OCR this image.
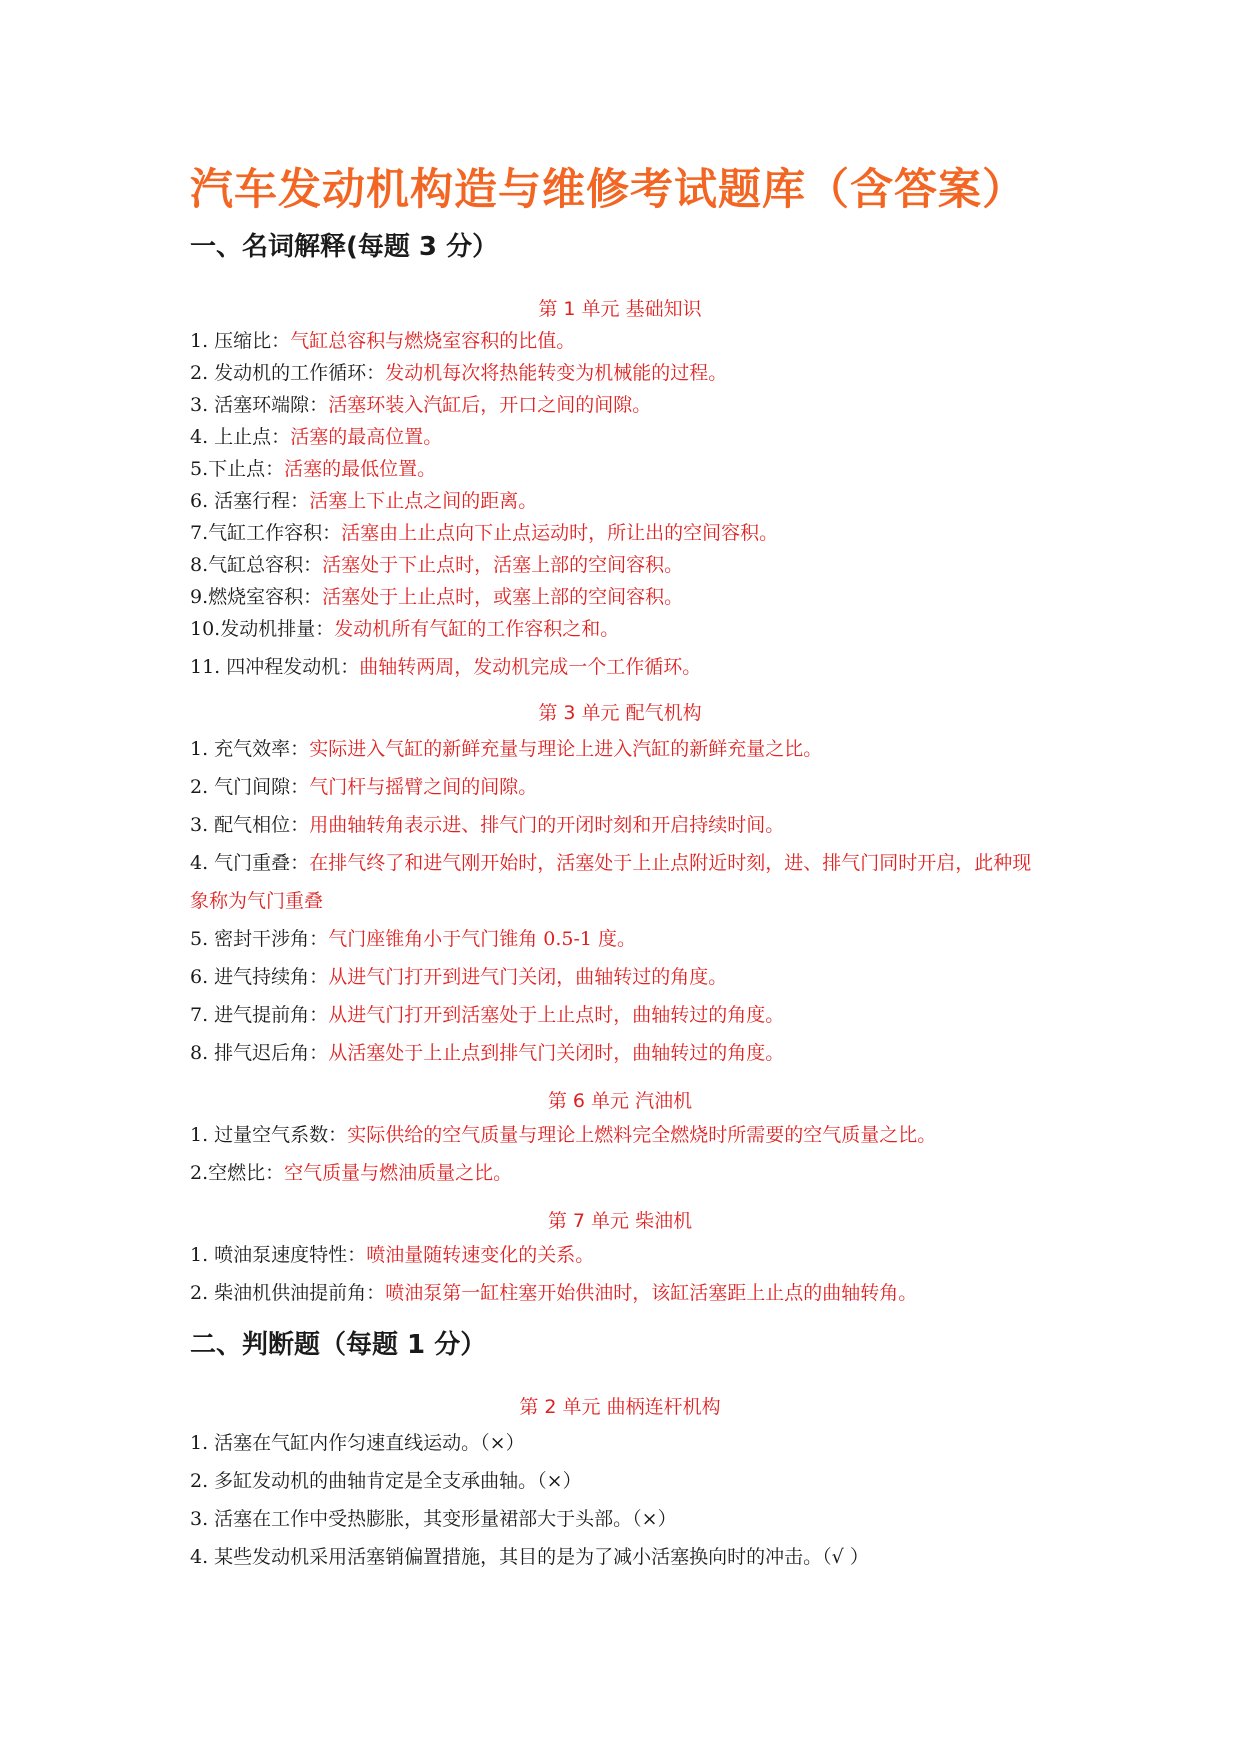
汽车发动机构造与维修考试题库（含答案）
一、名词解释(每题 3 分）
第 1 单元 基础知识
1. 压缩比：气缸总容积与燃烧室容积的比值。
2. 发动机的工作循环：发动机每次将热能转变为机械能的过程。
3. 活塞环端隙：活塞环装入汽缸后，开口之间的间隙。
4. 上止点：活塞的最高位置。
5.下止点：活塞的最低位置。
6. 活塞行程：活塞上下止点之间的距离。
7.气缸工作容积：活塞由上止点向下止点运动时，所让出的空间容积。
8.气缸总容积：活塞处于下止点时，活塞上部的空间容积。
9.燃烧室容积：活塞处于上止点时，或塞上部的空间容积。
10.发动机排量：发动机所有气缸的工作容积之和。
11. 四冲程发动机：曲轴转两周，发动机完成一个工作循环。
第 3 单元 配气机构
1. 充气效率：实际进入气缸的新鲜充量与理论上进入汽缸的新鲜充量之比。
2. 气门间隙：气门杆与摇臂之间的间隙。
3. 配气相位：用曲轴转角表示进、排气门的开闭时刻和开启持续时间。
4. 气门重叠：在排气终了和进气刚开始时，活塞处于上止点附近时刻，进、排气门同时开启，此种现象称为气门重叠
5. 密封干涉角：气门座锥角小于气门锥角 0.5-1 度。
6. 进气持续角：从进气门打开到进气门关闭，曲轴转过的角度。
7. 进气提前角：从进气门打开到活塞处于上止点时，曲轴转过的角度。
8. 排气迟后角：从活塞处于上止点到排气门关闭时，曲轴转过的角度。
第 6 单元 汽油机
1. 过量空气系数：实际供给的空气质量与理论上燃料完全燃烧时所需要的空气质量之比。
2.空燃比：空气质量与燃油质量之比。
第 7 单元 柴油机
1. 喷油泵速度特性：喷油量随转速变化的关系。
2. 柴油机供油提前角：喷油泵第一缸柱塞开始供油时，该缸活塞距上止点的曲轴转角。
二、判断题（每题 1 分）
第 2 单元 曲柄连杆机构
1. 活塞在气缸内作匀速直线运动。（×）
2. 多缸发动机的曲轴肯定是全支承曲轴。（×）
3. 活塞在工作中受热膨胀，其变形量裙部大于头部。（×）
4. 某些发动机采用活塞销偏置措施，其目的是为了减小活塞换向时的冲击。（√ ）
